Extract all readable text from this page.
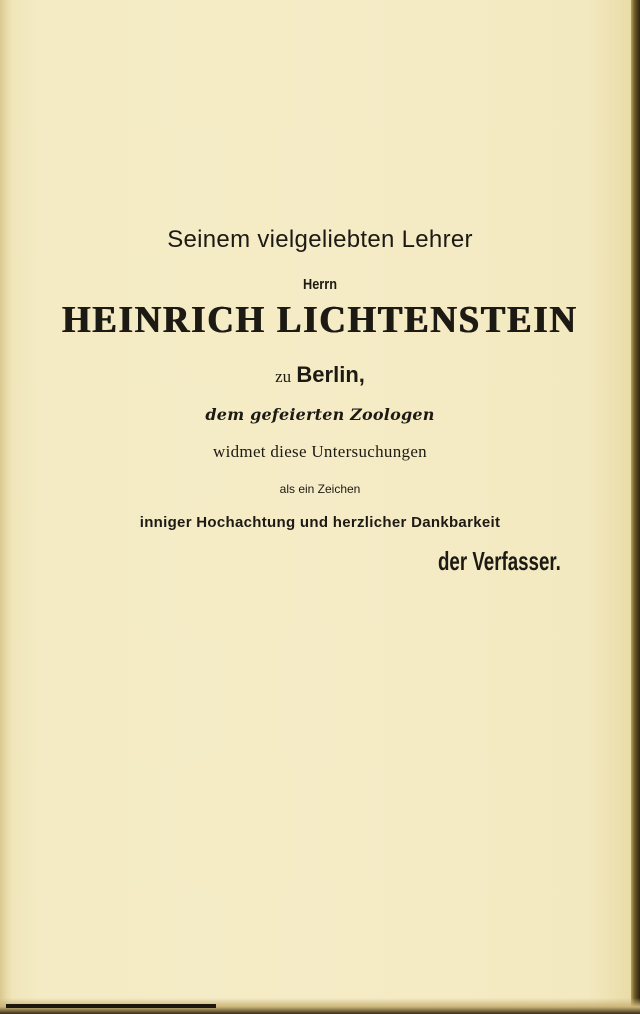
Seinem vielgeliebten Lehrer
Herrn
HEINRICH LICHTENSTEIN
zu Berlin,
dem gefeierten Zoologen
widmet diese Untersuchungen
als ein Zeichen
inniger Hochachtung und herzlicher Dankbarkeit
der Verfasser.
